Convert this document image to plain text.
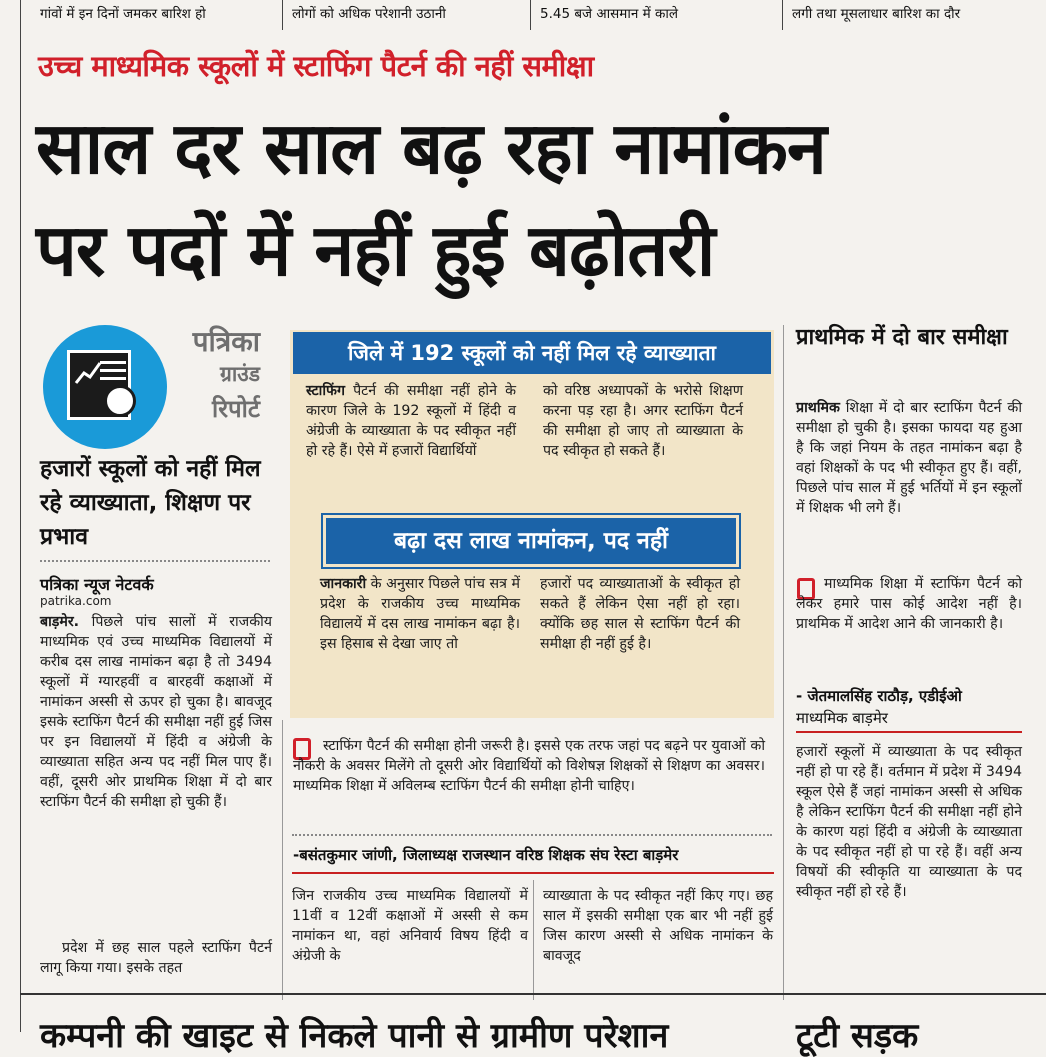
गांवों में इन दिनों जमकर बारिश हो	लोगों को अधिक परेशानी उठानी	5.45 बजे आसमान में काले	लगी तथा मूसलाधार बारिश का दौर
उच्च माध्यमिक स्कूलों में स्टाफिंग पैटर्न की नहीं समीक्षा
साल दर साल बढ़ रहा नामांकन
पर पदों में नहीं हुई बढ़ोतरी
पत्रिका
ग्राउंड
रिपोर्ट
हजारों स्कूलों को नहीं मिल रहे व्याख्याता, शिक्षण पर प्रभाव
पत्रिका न्यूज नेटवर्क
patrika.com
बाड़मेर. पिछले पांच सालों में राजकीय माध्यमिक एवं उच्च माध्यमिक विद्यालयों में करीब दस लाख नामांकन बढ़ा है तो 3494 स्कूलों में ग्यारहवीं व बारहवीं कक्षाओं में नामांकन अस्सी से ऊपर हो चुका है। बावजूद इसके स्टाफिंग पैटर्न की समीक्षा नहीं हुई जिस पर इन विद्यालयों में हिंदी व अंग्रेजी के व्याख्याता सहित अन्य पद नहीं मिल पाए हैं। वहीं, दूसरी ओर प्राथमिक शिक्षा में दो बार स्टाफिंग पैटर्न की समीक्षा हो चुकी हैं।
प्रदेश में छह साल पहले स्टाफिंग पैटर्न लागू किया गया। इसके तहत
जिले में 192 स्कूलों को नहीं मिल रहे व्याख्याता
स्टाफिंग पैटर्न की समीक्षा नहीं होने के कारण जिले के 192 स्कूलों में हिंदी व अंग्रेजी के व्याख्याता के पद स्वीकृत नहीं हो रहे हैं। ऐसे में हजारों विद्यार्थियों
को वरिष्ठ अध्यापकों के भरोसे शिक्षण करना पड़ रहा है। अगर स्टाफिंग पैटर्न की समीक्षा हो जाए तो व्याख्याता के पद स्वीकृत हो सकते हैं।
बढ़ा दस लाख नामांकन, पद नहीं
जानकारी के अनुसार पिछले पांच सत्र में प्रदेश के राजकीय उच्च माध्यमिक विद्यालयें में दस लाख नामांकन बढ़ा है। इस हिसाब से देखा जाए तो
हजारों पद व्याख्याताओं के स्वीकृत हो सकते हैं लेकिन ऐसा नहीं हो रहा। क्योंकि छह साल से स्टाफिंग पैटर्न की समीक्षा ही नहीं हुई है।
स्टाफिंग पैटर्न की समीक्षा होनी जरूरी है। इससे एक तरफ जहां पद बढ़ने पर युवाओं को नौकरी के अवसर मिलेंगे तो दूसरी ओर विद्यार्थियों को विशेषज्ञ शिक्षकों से शिक्षण का अवसर। माध्यमिक शिक्षा में अविलम्ब स्टाफिंग पैटर्न की समीक्षा होनी चाहिए।
-बसंतकुमार जांणी, जिलाध्यक्ष राजस्थान वरिष्ठ शिक्षक संघ रेस्टा बाड़मेर
जिन राजकीय उच्च माध्यमिक विद्यालयों में 11वीं व 12वीं कक्षाओं में अस्सी से कम नामांकन था, वहां अनिवार्य विषय हिंदी व अंग्रेजी के
व्याख्याता के पद स्वीकृत नहीं किए गए। छह साल में इसकी समीक्षा एक बार भी नहीं हुई जिस कारण अस्सी से अधिक नामांकन के बावजूद
प्राथमिक में दो बार समीक्षा
प्राथमिक शिक्षा में दो बार स्टाफिंग पैटर्न की समीक्षा हो चुकी है। इसका फायदा यह हुआ है कि जहां नियम के तहत नामांकन बढ़ा है वहां शिक्षकों के पद भी स्वीकृत हुए हैं। वहीं, पिछले पांच साल में हुई भर्तियों में इन स्कूलों में शिक्षक भी लगे हैं।
माध्यमिक शिक्षा में स्टाफिंग पैटर्न को लेकर हमारे पास कोई आदेश नहीं है। प्राथमिक में आदेश आने की जानकारी है।
- जेतमालसिंह राठौड़, एडीईओ
माध्यमिक बाड़मेर
हजारों स्कूलों में व्याख्याता के पद स्वीकृत नहीं हो पा रहे हैं। वर्तमान में प्रदेश में 3494 स्कूल ऐसे हैं जहां नामांकन अस्सी से अधिक है लेकिन स्टाफिंग पैटर्न की समीक्षा नहीं होने के कारण यहां हिंदी व अंग्रेजी के व्याख्याता के पद स्वीकृत नहीं हो पा रहे हैं। वहीं अन्य विषयों की स्वीकृति या व्याख्याता के पद स्वीकृत नहीं हो रहे हैं।
कम्पनी की खाइट से निकले पानी से ग्रामीण परेशान	टूटी सड़क
